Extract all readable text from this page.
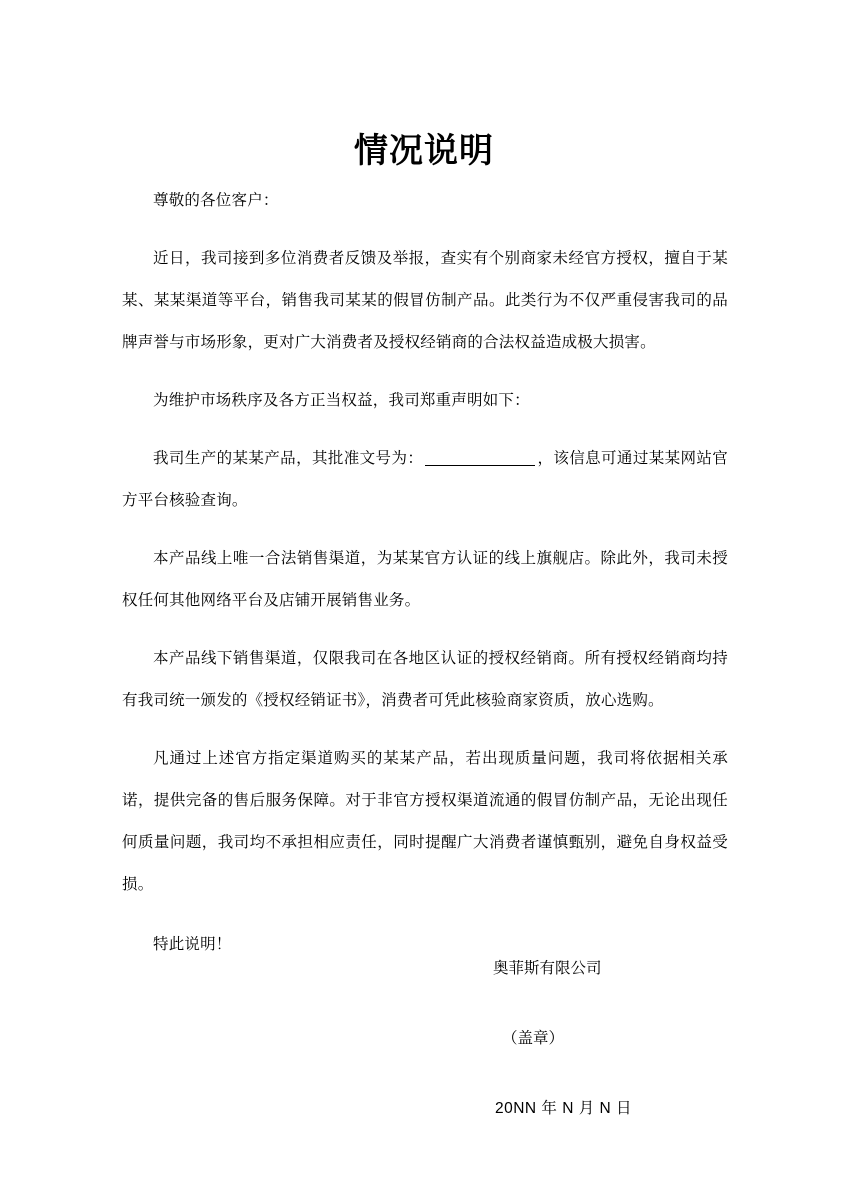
情况说明

尊敬的各位客户：

近日，我司接到多位消费者反馈及举报，查实有个别商家未经官方授权，擅自于某某、某某渠道等平台，销售我司某某的假冒仿制产品。此类行为不仅严重侵害我司的品牌声誉与市场形象，更对广大消费者及授权经销商的合法权益造成极大损害。

为维护市场秩序及各方正当权益，我司郑重声明如下：

我司生产的某某产品，其批准文号为：	，该信息可通过某某网站官方平台核验查询。

本产品线上唯一合法销售渠道，为某某官方认证的线上旗舰店。除此外，我司未授权任何其他网络平台及店铺开展销售业务。

本产品线下销售渠道，仅限我司在各地区认证的授权经销商。所有授权经销商均持有我司统一颁发的《授权经销证书》，消费者可凭此核验商家资质，放心选购。

凡通过上述官方指定渠道购买的某某产品，若出现质量问题，我司将依据相关承诺，提供完备的售后服务保障。对于非官方授权渠道流通的假冒仿制产品，无论出现任何质量问题，我司均不承担相应责任，同时提醒广大消费者谨慎甄别，避免自身权益受损。

特此说明！

奥菲斯有限公司
（盖章）
20NN 年 N 月 N 日
